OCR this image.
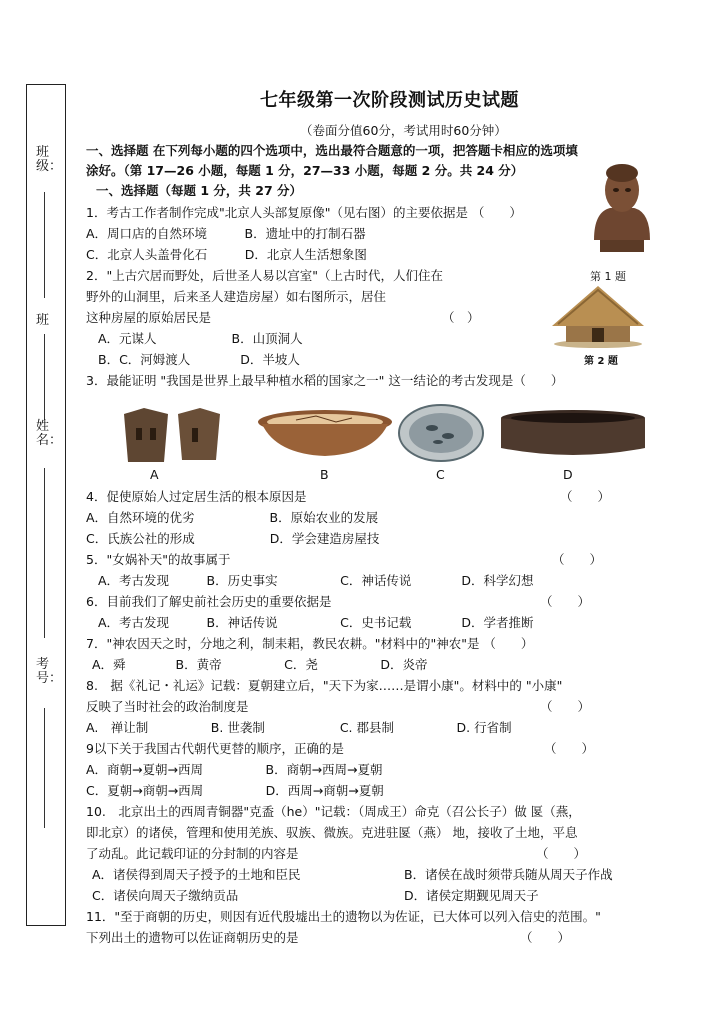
班级：
班
姓名：
考号：
七年级第一次阶段测试历史试题
（卷面分值60分，考试用时60分钟）
一、选择题 在下列每小题的四个选项中，选出最符合题意的一项，把答题卡相应的选项填
涂好。（第 17—26 小题，每题 1 分，27—33 小题，每题 2 分。共 24 分）
一、选择题（每题 1 分，共 27 分）
第 1 题
第 2 题
1．考古工作者制作完成"北京人头部复原像"（见右图）的主要依据是 （　　）
A．周口店的自然环境　　　B．遗址中的打制石器
C．北京人头盖骨化石　　　D．北京人生活想象图
2．"上古穴居而野处，后世圣人易以宫室"（上古时代，人们住在
野外的山洞里，后来圣人建造房屋）如右图所示，居住
这种房屋的原始居民是	（　）
A．元谋人　　　　　　B．山顶洞人
B．C．河姆渡人　　　　D．半坡人
3．最能证明 "我国是世界上最早种植水稻的国家之一" 这一结论的考古发现是（　　）
A	B	C	D
4．促使原始人过定居生活的根本原因是	（　　）
A．自然环境的优劣　　　　　　B．原始农业的发展
C．氏族公社的形成　　　　　　D．学会建造房屋技
5．"女娲补天"的故事属于	（　　）
A．考古发现　　　B．历史事实　　　　　C．神话传说　　　　D．科学幻想
6．目前我们了解史前社会历史的重要依据是	（　　）
A．考古发现　　　B．神话传说　　　　　C．史书记载　　　　D．学者推断
7．"神农因天之时，分地之利，制耒耜，教民农耕。"材料中的"神农"是 （　　）
A．舜　　　　B．黄帝　　　　　C．尧　　　　　D．炎帝
8.　据《礼记・礼运》记载：夏朝建立后，"天下为家……是谓小康"。材料中的 "小康"
反映了当时社会的政治制度是	（　　）
A.　禅让制　　　　　B. 世袭制　　　　　　C. 郡县制　　　　　D. 行省制
9以下关于我国古代朝代更替的顺序，正确的是	（　　）
A．商朝→夏朝→西周　　　　　B．商朝→西周→夏朝
C．夏朝→商朝→西周　　　　　D．西周→商朝→夏朝
10.　北京出土的西周青铜器"克盉（he）"记载：（周成王）命克（召公长子）做 匽（燕，
即北京）的诸侯，管理和使用羌族、驭族、微族。克进驻匽（燕） 地，接收了土地，平息
了动乱。此记载印证的分封制的内容是	（　　）
A．诸侯得到周天子授予的土地和臣民	B．诸侯在战时须带兵随从周天子作战
C．诸侯向周天子缴纳贡品	D．诸侯定期觐见周天子
11．"至于商朝的历史，则因有近代殷墟出土的遗物以为佐证，已大体可以列入信史的范围。"
下列出土的遗物可以佐证商朝历史的是	（　　）
